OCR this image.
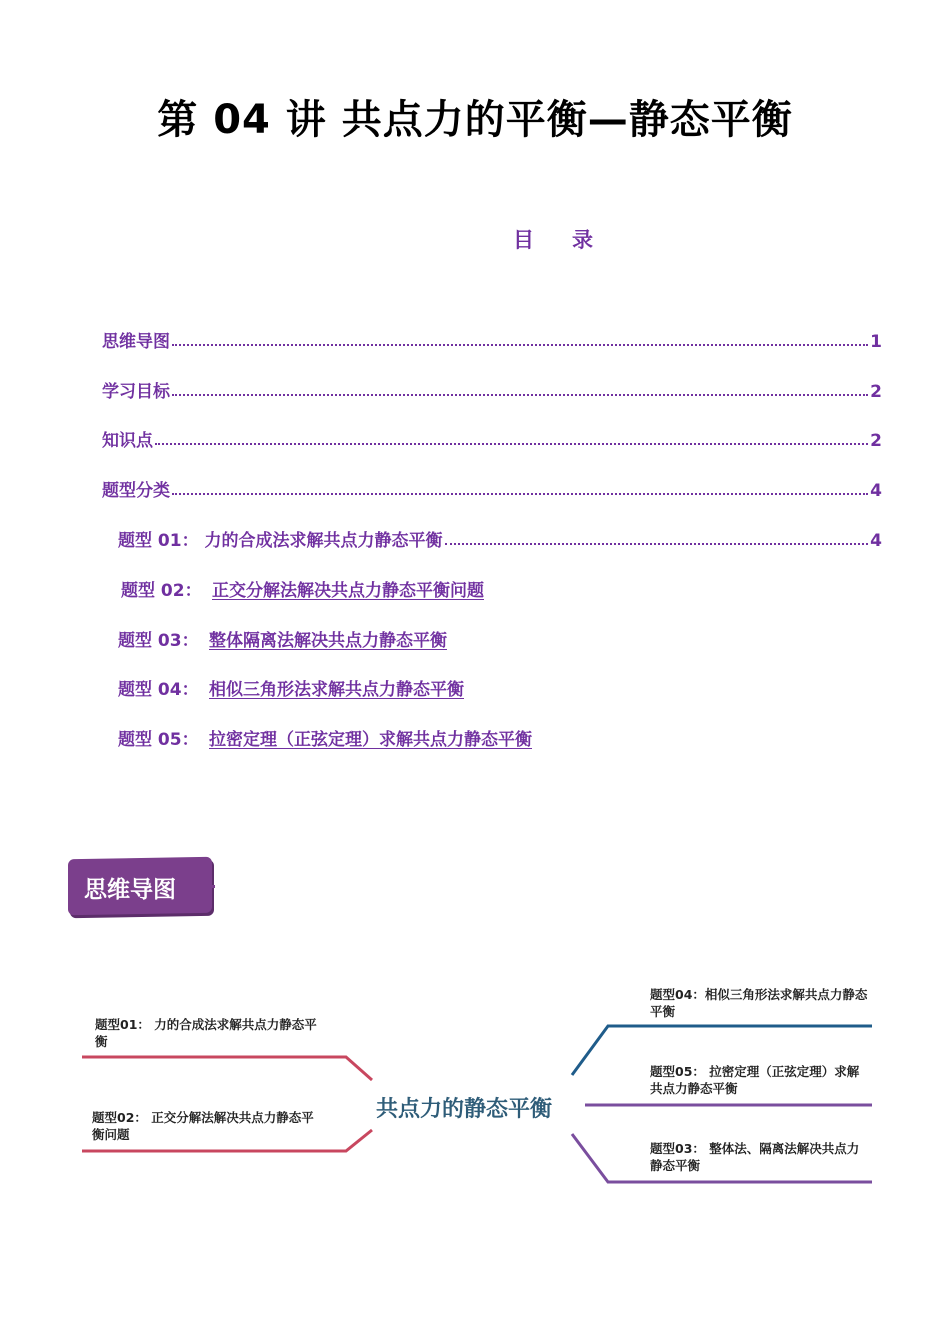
第 04 讲 共点力的平衡—静态平衡
目 录
思维导图	1
学习目标	2
知识点	2
题型分类	4
题型 01： 力的合成法求解共点力静态平衡	4
题型 02： 正交分解法解决共点力静态平衡问题
题型 03： 整体隔离法解决共点力静态平衡
题型 04： 相似三角形法求解共点力静态平衡
题型 05： 拉密定理（正弦定理）求解共点力静态平衡
思维导图
共点力的静态平衡
题型01： 力的合成法求解共点力静态平衡
题型02： 正交分解法解决共点力静态平衡问题
题型04：相似三角形法求解共点力静态平衡
题型05： 拉密定理（正弦定理）求解共点力静态平衡
题型03： 整体法、隔离法解决共点力静态平衡
